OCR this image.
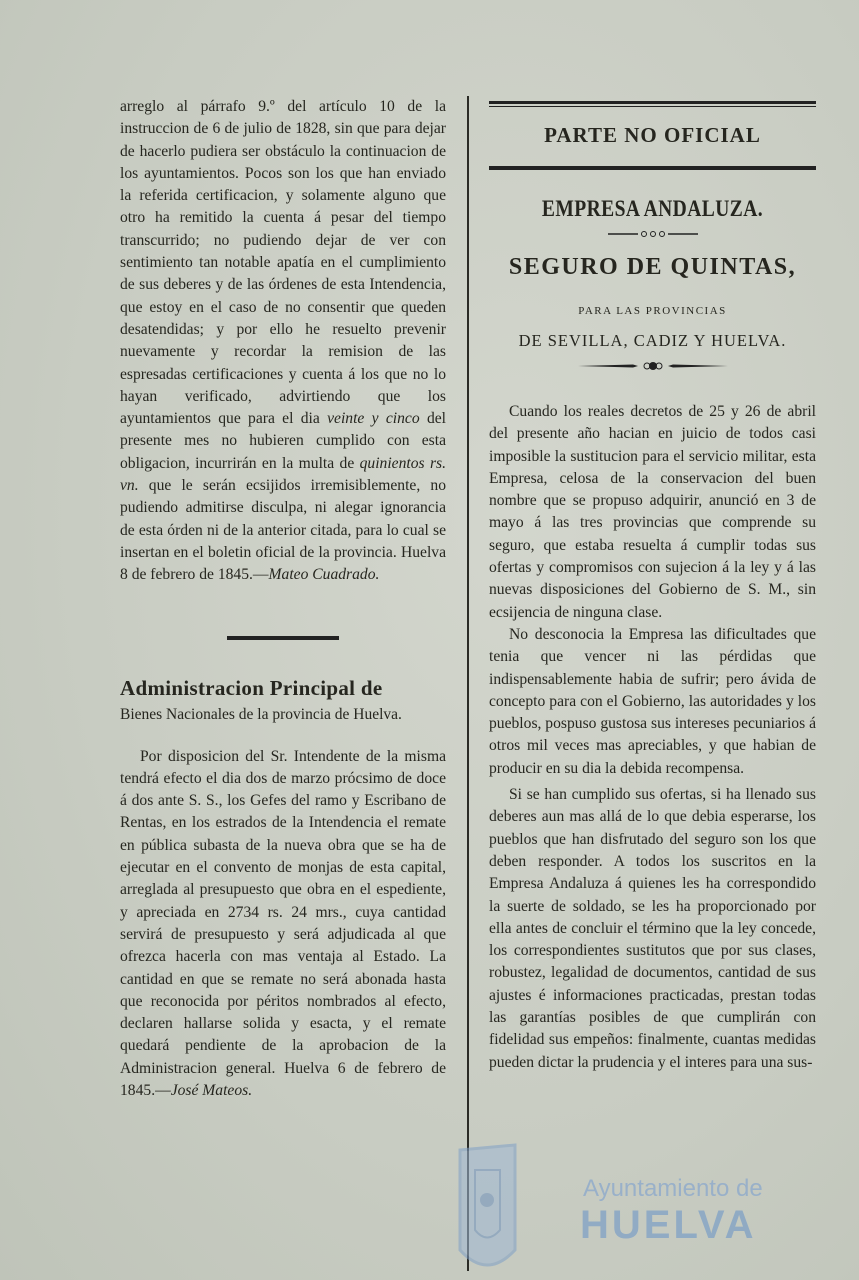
arreglo al párrafo 9.º del artículo 10 de la instruccion de 6 de julio de 1828, sin que para dejar de hacerlo pudiera ser obstáculo la continuacion de los ayuntamientos. Pocos son los que han enviado la referida certificacion, y solamente alguno que otro ha remitido la cuenta á pesar del tiempo transcurrido; no pudiendo dejar de ver con sentimiento tan notable apatía en el cumplimiento de sus deberes y de las órdenes de esta Intendencia, que estoy en el caso de no consentir que queden desatendidas; y por ello he resuelto prevenir nuevamente y recordar la remision de las espresadas certificaciones y cuenta á los que no lo hayan verificado, advirtiendo que los ayuntamientos que para el dia veinte y cinco del presente mes no hubieren cumplido con esta obligacion, incurrirán en la multa de quinientos rs. vn. que le serán ecsijidos irremisiblemente, no pudiendo admitirse disculpa, ni alegar ignorancia de esta órden ni de la anterior citada, para lo cual se insertan en el boletin oficial de la provincia. Huelva 8 de febrero de 1845.—Mateo Cuadrado.

Administracion Principal de
Bienes Nacionales de la provincia de Huelva.

Por disposicion del Sr. Intendente de la misma tendrá efecto el dia dos de marzo prócsimo de doce á dos ante S. S., los Gefes del ramo y Escribano de Rentas, en los estrados de la Intendencia el remate en pública subasta de la nueva obra que se ha de ejecutar en el convento de monjas de esta capital, arreglada al presupuesto que obra en el espediente, y apreciada en 2734 rs. 24 mrs., cuya cantidad servirá de presupuesto y será adjudicada al que ofrezca hacerla con mas ventaja al Estado. La cantidad en que se remate no será abonada hasta que reconocida por péritos nombrados al efecto, declaren hallarse solida y esacta, y el remate quedará pendiente de la aprobacion de la Administracion general. Huelva 6 de febrero de 1845.—José Mateos.

PARTE NO OFICIAL
EMPRESA ANDALUZA.
SEGURO DE QUINTAS,
PARA LAS PROVINCIAS
DE SEVILLA, CADIZ Y HUELVA.

Cuando los reales decretos de 25 y 26 de abril del presente año hacian en juicio de todos casi imposible la sustitucion para el servicio militar, esta Empresa, celosa de la conservacion del buen nombre que se propuso adquirir, anunció en 3 de mayo á las tres provincias que comprende su seguro, que estaba resuelta á cumplir todas sus ofertas y compromisos con sujecion á la ley y á las nuevas disposiciones del Gobierno de S. M., sin ecsijencia de ninguna clase.

No desconocia la Empresa las dificultades que tenia que vencer ni las pérdidas que indispensablemente habia de sufrir; pero ávida de concepto para con el Gobierno, las autoridades y los pueblos, pospuso gustosa sus intereses pecuniarios á otros mil veces mas apreciables, y que habian de producir en su dia la debida recompensa.

Si se han cumplido sus ofertas, si ha llenado sus deberes aun mas allá de lo que debia esperarse, los pueblos que han disfrutado del seguro son los que deben responder. A todos los suscritos en la Empresa Andaluza á quienes les ha correspondido la suerte de soldado, se les ha proporcionado por ella antes de concluir el término que la ley concede, los correspondientes sustitutos que por sus clases, robustez, legalidad de documentos, cantidad de sus ajustes é informaciones practicadas, prestan todas las garantías posibles de que cumplirán con fidelidad sus empeños: finalmente, cuantas medidas pueden dictar la prudencia y el interes para una sus-

Ayuntamiento de
HUELVA
